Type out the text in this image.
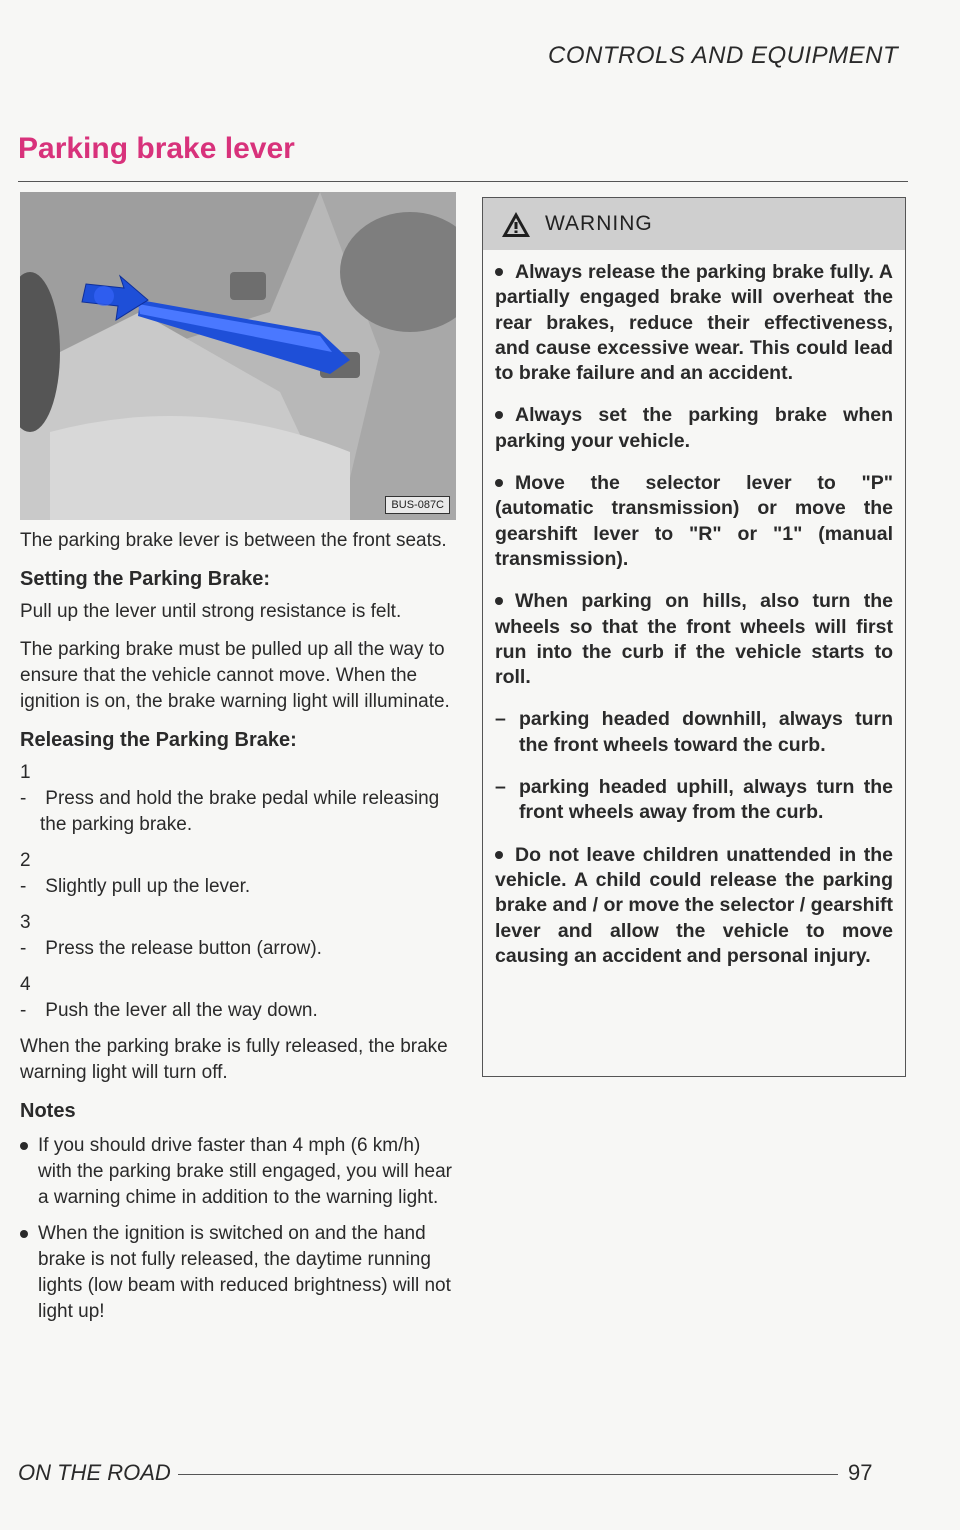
CONTROLS AND EQUIPMENT
Parking brake lever
BUS-087C

The parking brake lever is between the front seats.

Setting the Parking Brake:

Pull up the lever until strong resistance is felt.

The parking brake must be pulled up all the way to ensure that the vehicle cannot move. When the ignition is on, the brake warning light will illuminate.

Releasing the Parking Brake:

1 - Press and hold the brake pedal while releasing the parking brake.

2 - Slightly pull up the lever.

3 - Press the release button (arrow).

4 - Push the lever all the way down.

When the parking brake is fully released, the brake warning light will turn off.

Notes
If you should drive faster than 4 mph (6 km/h) with the parking brake still engaged, you will hear a warning chime in addition to the warning light.
When the ignition is switched on and the hand brake is not fully released, the daytime running lights (low beam with reduced brightness) will not light up!
WARNING

Always release the parking brake fully. A partially engaged brake will overheat the rear brakes, reduce their effectiveness, and cause excessive wear. This could lead to brake failure and an accident.

Always set the parking brake when parking your vehicle.

Move the selector lever to "P" (automatic transmission) or move the gearshift lever to "R" or "1" (manual transmission).

When parking on hills, also turn the wheels so that the front wheels will first run into the curb if the vehicle starts to roll.

– parking headed downhill, always turn the front wheels toward the curb.

– parking headed uphill, always turn the front wheels away from the curb.

Do not leave children unattended in the vehicle. A child could release the parking brake and / or move the selector / gearshift lever and allow the vehicle to move causing an accident and personal injury.

ON THE ROAD	97
